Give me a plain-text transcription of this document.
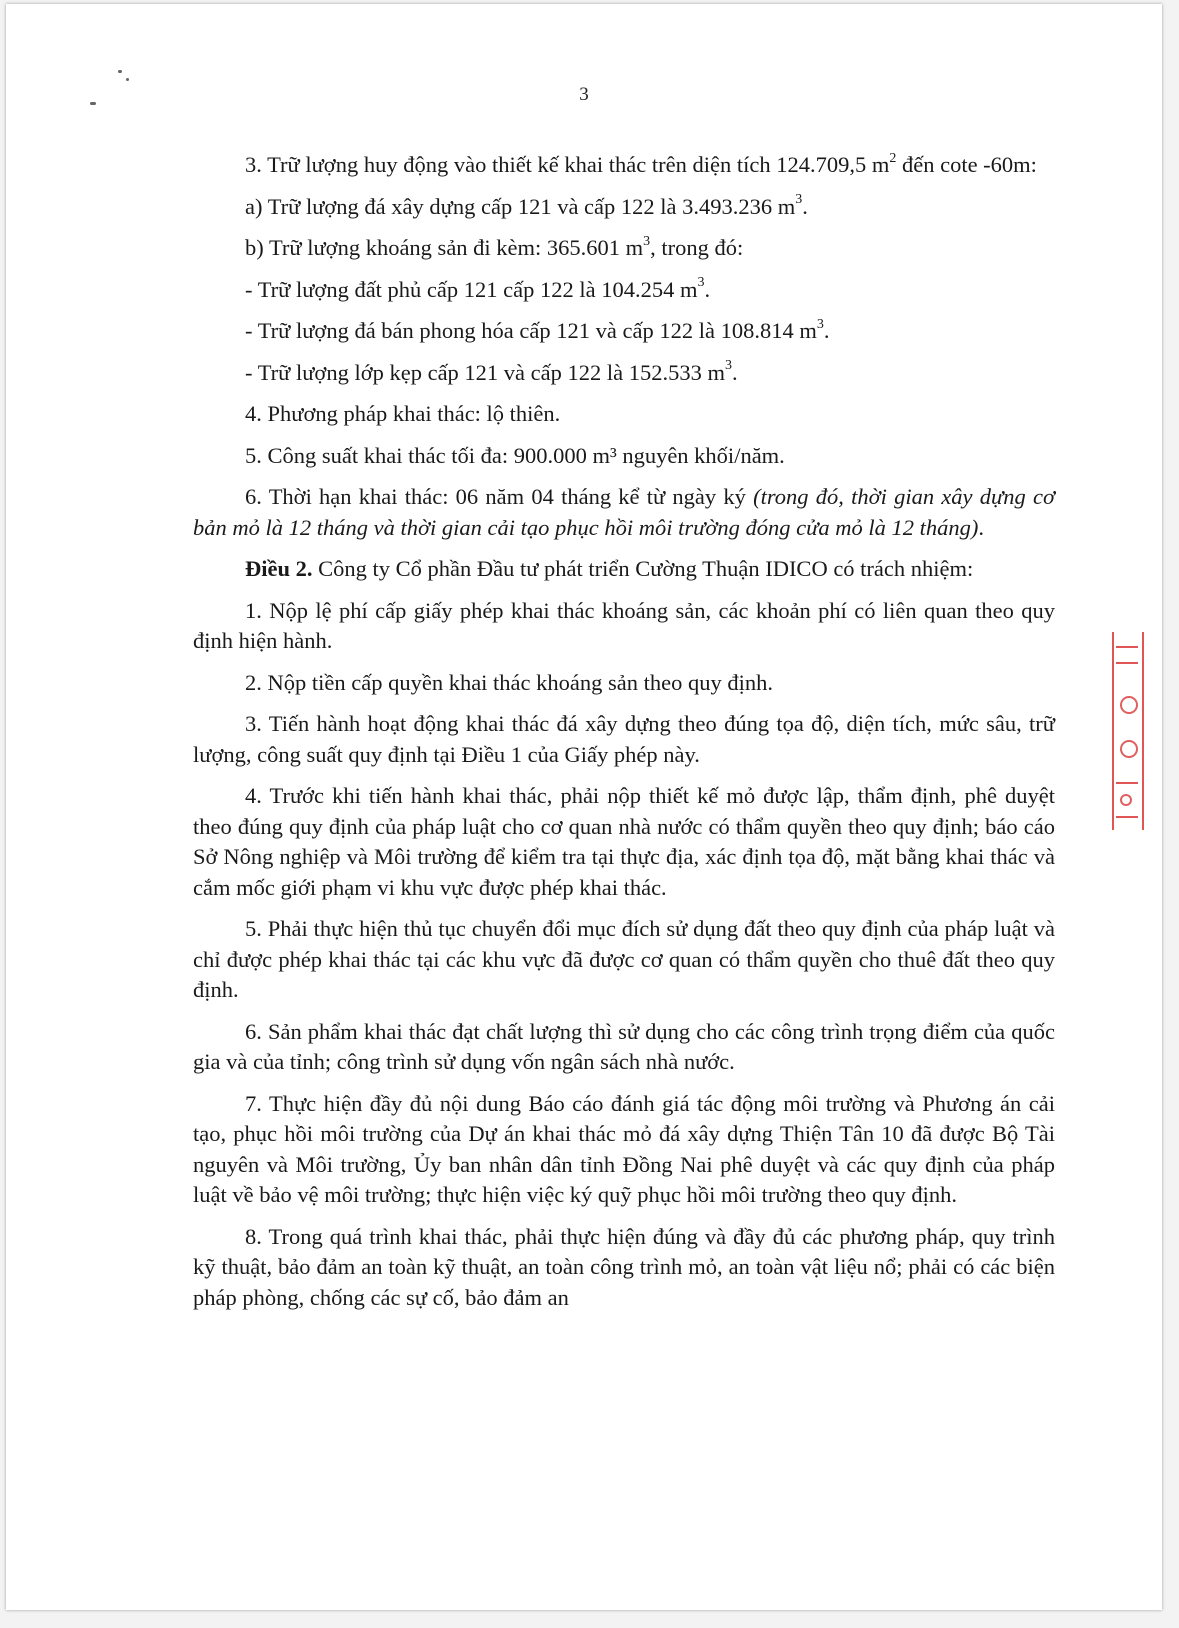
3

3. Trữ lượng huy động vào thiết kế khai thác trên diện tích 124.709,5 $m^2$ đến cote -60m:

a) Trữ lượng đá xây dựng cấp 121 và cấp 122 là 3.493.236 $m^3$.

b) Trữ lượng khoáng sản đi kèm: 365.601 $m^3$, trong đó:

- Trữ lượng đất phủ cấp 121 cấp 122 là 104.254 $m^3$.

- Trữ lượng đá bán phong hóa cấp 121 và cấp 122 là 108.814 $m^3$.

- Trữ lượng lớp kẹp cấp 121 và cấp 122 là 152.533 $m^3$.

4. Phương pháp khai thác: lộ thiên.

5. Công suất khai thác tối đa: 900.000 m³ nguyên khối/năm.

6. Thời hạn khai thác: 06 năm 04 tháng kể từ ngày ký (trong đó, thời gian xây dựng cơ bản mỏ là 12 tháng và thời gian cải tạo phục hồi môi trường đóng cửa mỏ là 12 tháng).

Điều 2. Công ty Cổ phần Đầu tư phát triển Cường Thuận IDICO có trách nhiệm:

1. Nộp lệ phí cấp giấy phép khai thác khoáng sản, các khoản phí có liên quan theo quy định hiện hành.

2. Nộp tiền cấp quyền khai thác khoáng sản theo quy định.

3. Tiến hành hoạt động khai thác đá xây dựng theo đúng tọa độ, diện tích, mức sâu, trữ lượng, công suất quy định tại Điều 1 của Giấy phép này.

4. Trước khi tiến hành khai thác, phải nộp thiết kế mỏ được lập, thẩm định, phê duyệt theo đúng quy định của pháp luật cho cơ quan nhà nước có thẩm quyền theo quy định; báo cáo Sở Nông nghiệp và Môi trường để kiểm tra tại thực địa, xác định tọa độ, mặt bằng khai thác và cắm mốc giới phạm vi khu vực được phép khai thác.

5. Phải thực hiện thủ tục chuyển đổi mục đích sử dụng đất theo quy định của pháp luật và chỉ được phép khai thác tại các khu vực đã được cơ quan có thẩm quyền cho thuê đất theo quy định.

6. Sản phẩm khai thác đạt chất lượng thì sử dụng cho các công trình trọng điểm của quốc gia và của tỉnh; công trình sử dụng vốn ngân sách nhà nước.

7. Thực hiện đầy đủ nội dung Báo cáo đánh giá tác động môi trường và Phương án cải tạo, phục hồi môi trường của Dự án khai thác mỏ đá xây dựng Thiện Tân 10 đã được Bộ Tài nguyên và Môi trường, Ủy ban nhân dân tỉnh Đồng Nai phê duyệt và các quy định của pháp luật về bảo vệ môi trường; thực hiện việc ký quỹ phục hồi môi trường theo quy định.

8. Trong quá trình khai thác, phải thực hiện đúng và đầy đủ các phương pháp, quy trình kỹ thuật, bảo đảm an toàn kỹ thuật, an toàn công trình mỏ, an toàn vật liệu nổ; phải có các biện pháp phòng, chống các sự cố, bảo đảm an
